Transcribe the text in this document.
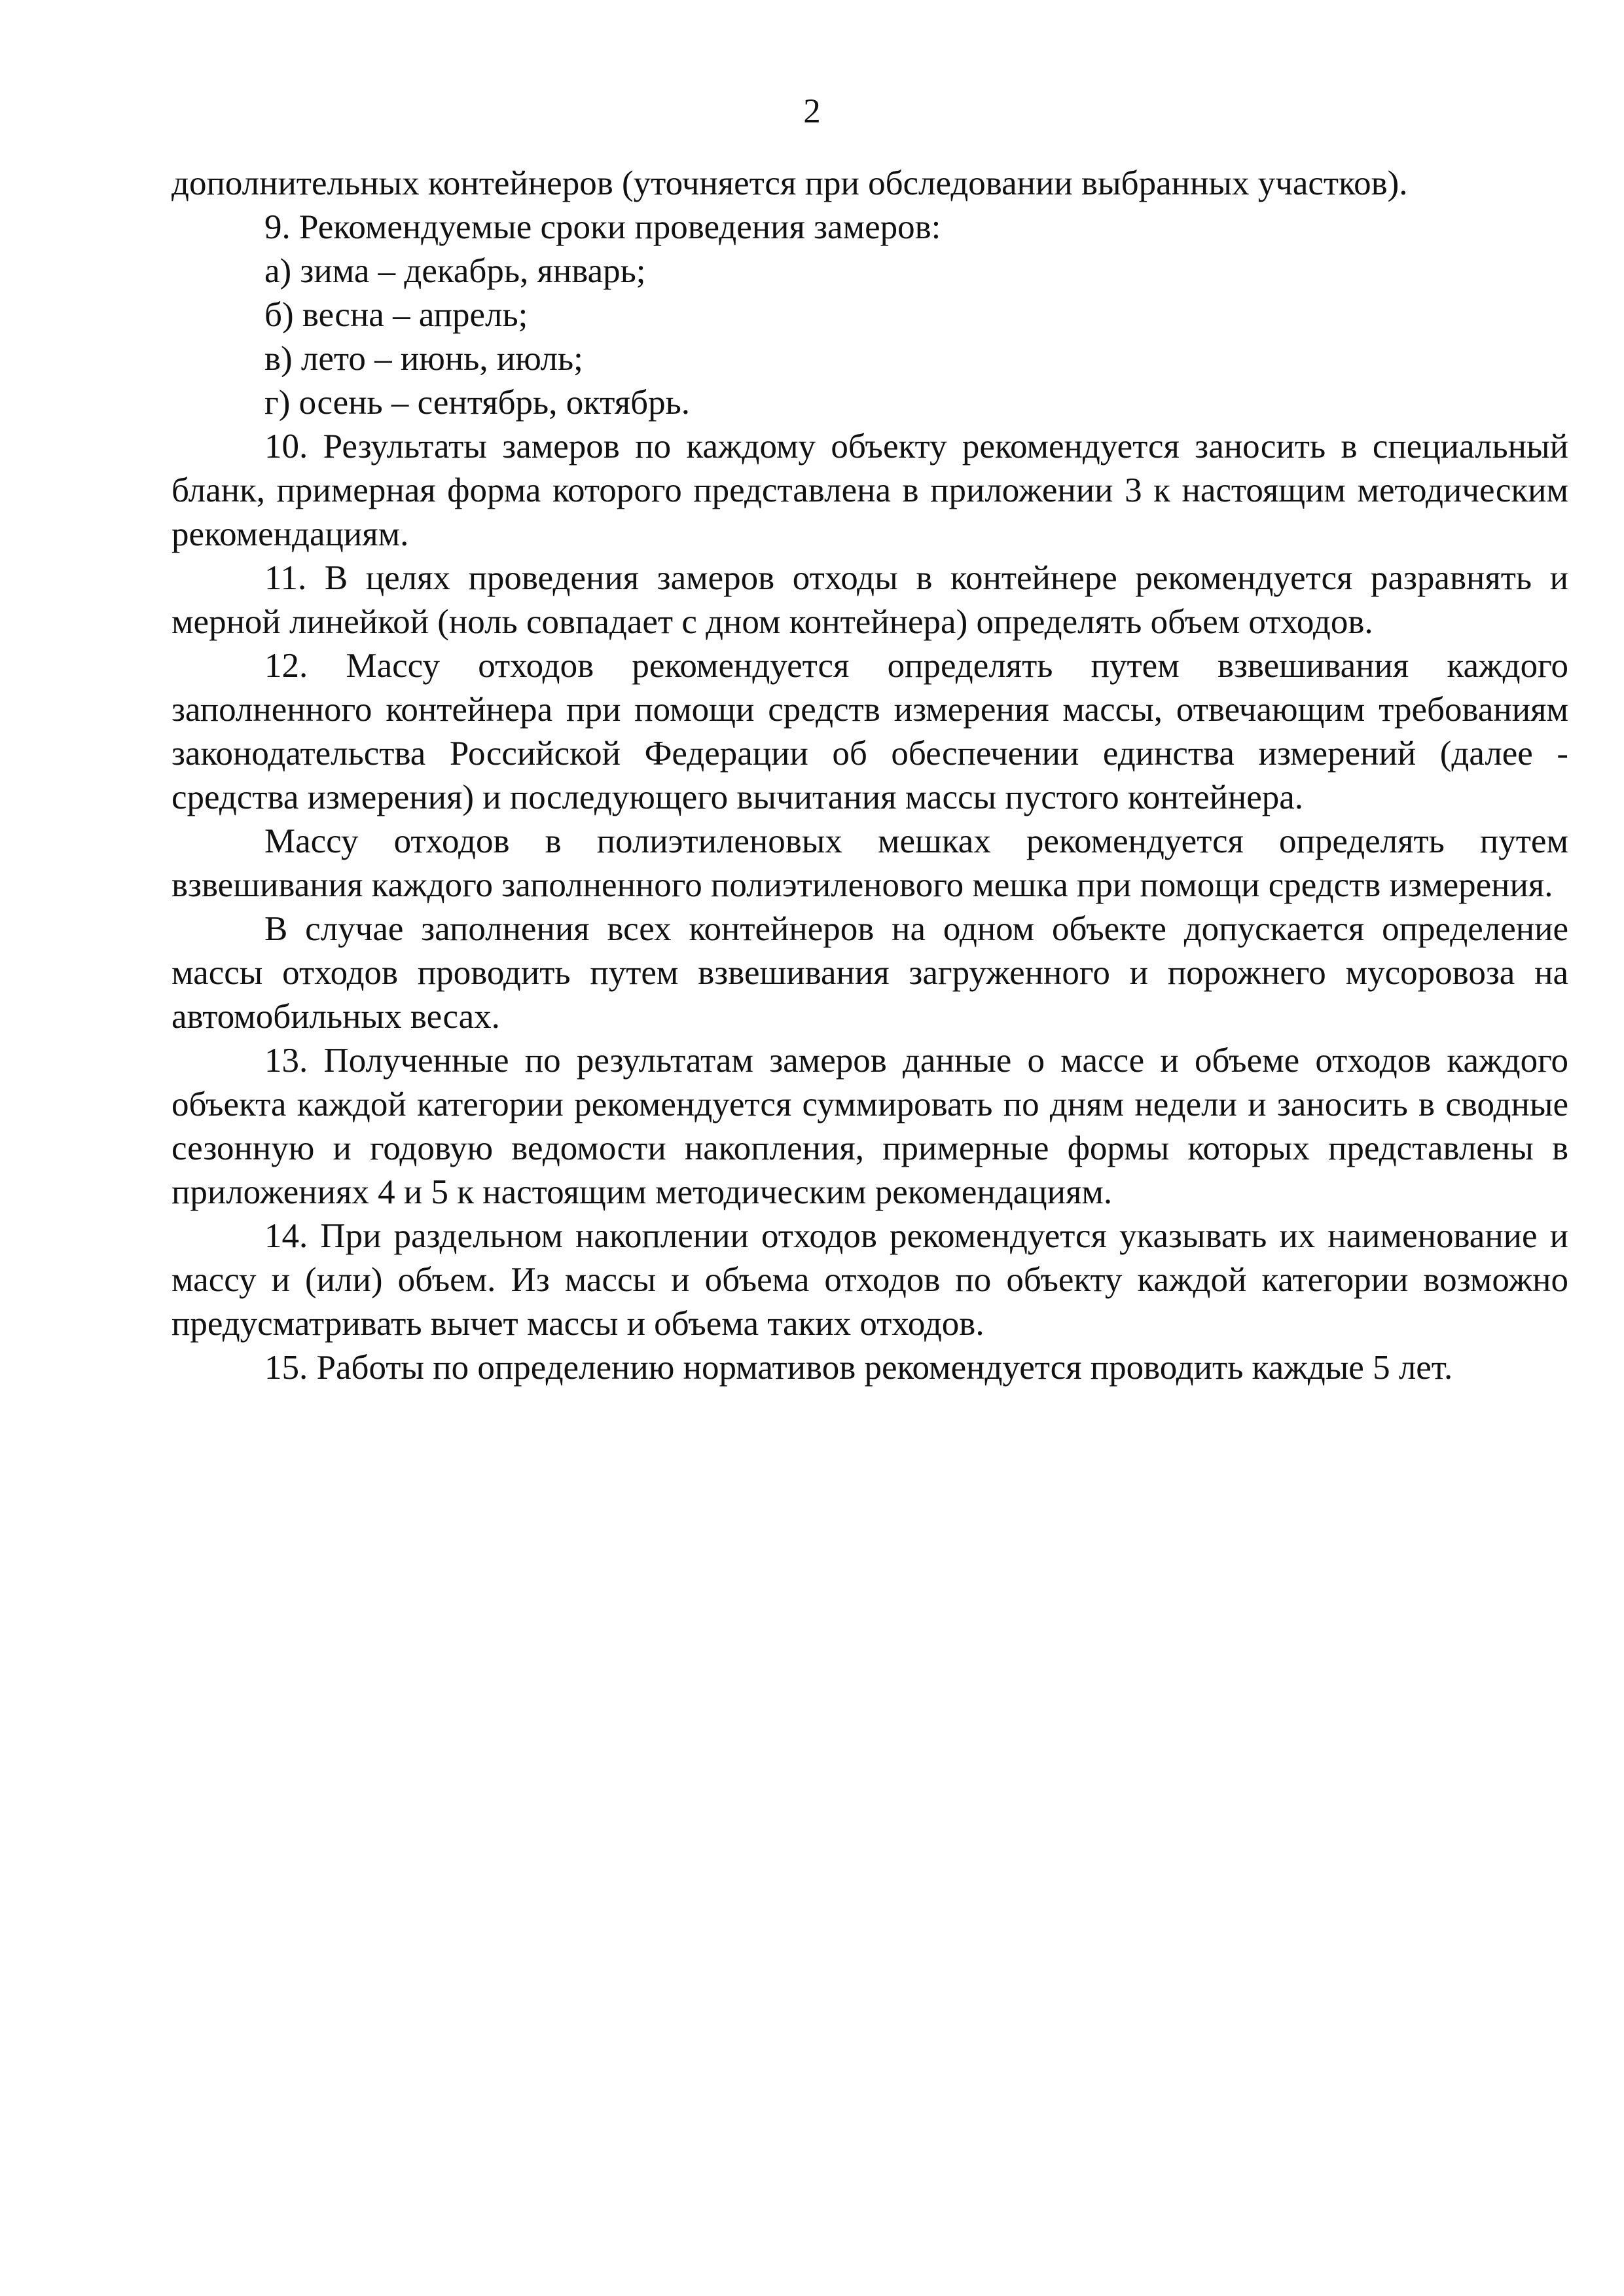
2

дополнительных контейнеров (уточняется при обследовании выбранных участков).

9. Рекомендуемые сроки проведения замеров:

а) зима – декабрь, январь;

б) весна – апрель;

в) лето – июнь, июль;

г) осень – сентябрь, октябрь.

10. Результаты замеров по каждому объекту рекомендуется заносить в специальный бланк, примерная форма которого представлена в приложении 3 к настоящим методическим рекомендациям.

11. В целях проведения замеров отходы в контейнере рекомендуется разравнять и мерной линейкой (ноль совпадает с дном контейнера) определять объем отходов.

12. Массу отходов рекомендуется определять путем взвешивания каждого заполненного контейнера при помощи средств измерения массы, отвечающим требованиям законодательства Российской Федерации об обеспечении единства измерений (далее - средства измерения) и последующего вычитания массы пустого контейнера.

Массу отходов в полиэтиленовых мешках рекомендуется определять путем взвешивания каждого заполненного полиэтиленового мешка при помощи средств измерения.

В случае заполнения всех контейнеров на одном объекте допускается определение массы отходов проводить путем взвешивания загруженного и порожнего мусоровоза на автомобильных весах.

13. Полученные по результатам замеров данные о массе и объеме отходов каждого объекта каждой категории рекомендуется суммировать по дням недели и заносить в сводные сезонную и годовую ведомости накопления, примерные формы которых представлены в приложениях 4 и 5 к настоящим методическим рекомендациям.

14. При раздельном накоплении отходов рекомендуется указывать их наименование и массу и (или) объем. Из массы и объема отходов по объекту каждой категории возможно предусматривать вычет массы и объема таких отходов.

15. Работы по определению нормативов рекомендуется проводить каждые 5 лет.
